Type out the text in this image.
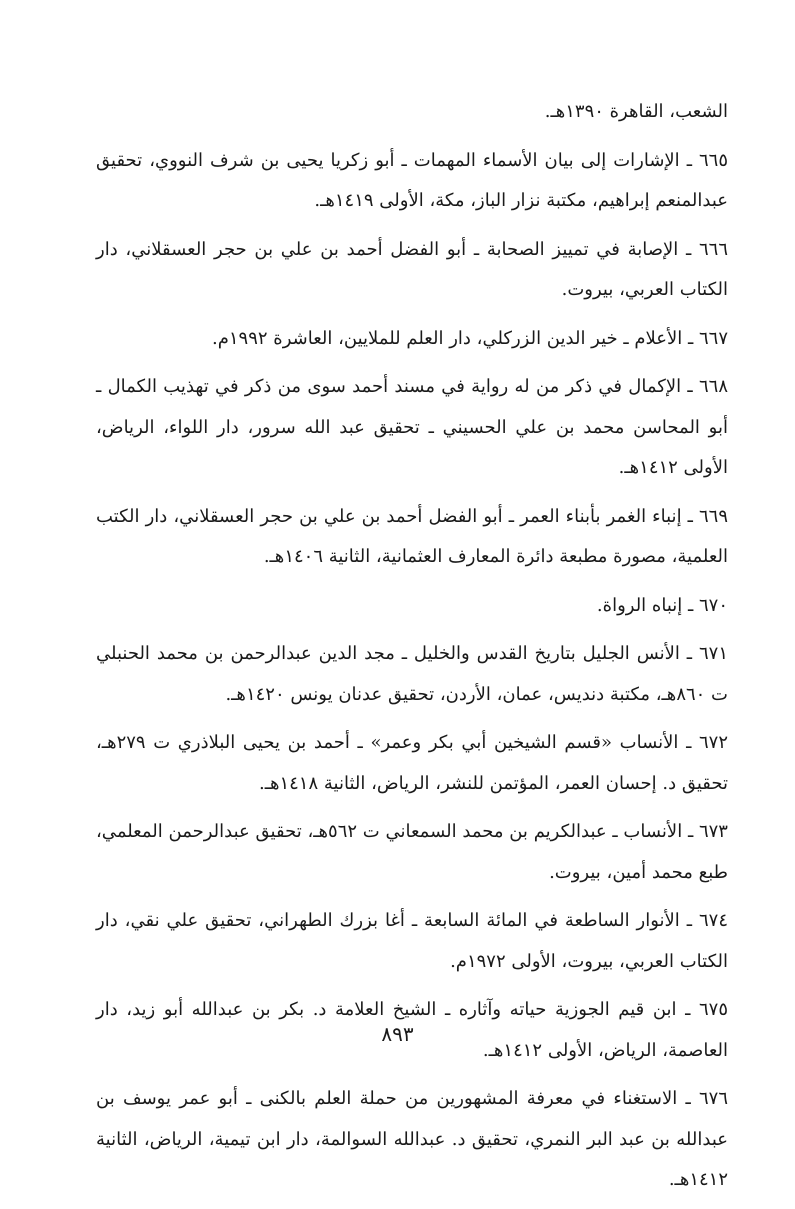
الشعب، القاهرة ١٣٩٠هـ.

٦٦٥ ـ الإشارات إلى بيان الأسماء المهمات ـ أبو زكريا يحيى بن شرف النووي، تحقيق عبدالمنعم إبراهيم، مكتبة نزار الباز، مكة، الأولى ١٤١٩هـ.

٦٦٦ ـ الإصابة في تمييز الصحابة ـ أبو الفضل أحمد بن علي بن حجر العسقلاني، دار الكتاب العربي، بيروت.

٦٦٧ ـ الأعلام ـ خير الدين الزركلي، دار العلم للملايين، العاشرة ١٩٩٢م.

٦٦٨ ـ الإكمال في ذكر من له رواية في مسند أحمد سوى من ذكر في تهذيب الكمال ـ أبو المحاسن محمد بن علي الحسيني ـ تحقيق عبد الله سرور، دار اللواء، الرياض، الأولى ١٤١٢هـ.

٦٦٩ ـ إنباء الغمر بأبناء العمر ـ أبو الفضل أحمد بن علي بن حجر العسقلاني، دار الكتب العلمية، مصورة مطبعة دائرة المعارف العثمانية، الثانية ١٤٠٦هـ.

٦٧٠ ـ إنباه الرواة.

٦٧١ ـ الأنس الجليل بتاريخ القدس والخليل ـ مجد الدين عبدالرحمن بن محمد الحنبلي ت ٨٦٠هـ، مكتبة دنديس، عمان، الأردن، تحقيق عدنان يونس ١٤٢٠هـ.

٦٧٢ ـ الأنساب «قسم الشيخين أبي بكر وعمر» ـ أحمد بن يحيى البلاذري ت ٢٧٩هـ، تحقيق د. إحسان العمر، المؤتمن للنشر، الرياض، الثانية ١٤١٨هـ.

٦٧٣ ـ الأنساب ـ عبدالكريم بن محمد السمعاني ت ٥٦٢هـ، تحقيق عبدالرحمن المعلمي، طبع محمد أمين، بيروت.

٦٧٤ ـ الأنوار الساطعة في المائة السابعة ـ أغا بزرك الطهراني، تحقيق علي نقي، دار الكتاب العربي، بيروت، الأولى ١٩٧٢م.

٦٧٥ ـ ابن قيم الجوزية حياته وآثاره ـ الشيخ العلامة د. بكر بن عبدالله أبو زيد، دار العاصمة، الرياض، الأولى ١٤١٢هـ.

٦٧٦ ـ الاستغناء في معرفة المشهورين من حملة العلم بالكنى ـ أبو عمر يوسف بن عبدالله بن عبد البر النمري، تحقيق د. عبدالله السوالمة، دار ابن تيمية، الرياض، الثانية ١٤١٢هـ.

٨٩٣
